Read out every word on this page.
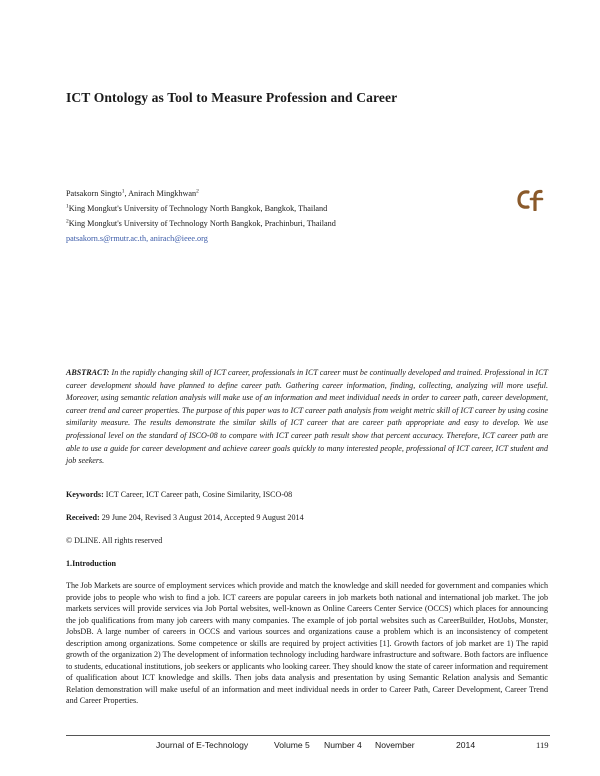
ICT Ontology as Tool to Measure Profession and Career
Patsakorn Singto$^1$, Anirach Mingkhwan$^2$
$^1$King Mongkut's University of Technology North Bangkok, Bangkok, Thailand
$^2$King Mongkut's University of Technology North Bangkok, Prachinburi, Thailand
patsakorn.s@rmutr.ac.th, anirach@ieee.org
ABSTRACT: In the rapidly changing skill of ICT career, professionals in ICT career must be continually developed and trained. Professional in ICT career development should have planned to define career path. Gathering career information, finding, collecting, analyzing will more useful. Moreover, using semantic relation analysis will make use of an information and meet individual needs in order to career path, career development, career trend and career properties. The purpose of this paper was to ICT career path analysis from weight metric skill of ICT career by using cosine similarity measure. The results demonstrate the similar skills of ICT career that are career path appropriate and easy to develop. We use professional level on the standard of ISCO-08 to compare with ICT career path result show that percent accuracy. Therefore, ICT career path are able to use a guide for career development and achieve career goals quickly to many interested people, professional of ICT career, ICT student and job seekers.
Keywords: ICT Career, ICT Career path, Cosine Similarity, ISCO-08
Received: 29 June 204, Revised 3 August 2014, Accepted 9 August 2014
© DLINE. All rights reserved
1.Introduction
The Job Markets are source of employment services which provide and match the knowledge and skill needed for government and companies which provide jobs to people who wish to find a job. ICT careers are popular careers in job markets both national and international job market. The job markets services will provide services via Job Portal websites, well-known as Online Careers Center Service (OCCS) which places for announcing the job qualifications from many job careers with many companies. The example of job portal websites such as CareerBuilder, HotJobs, Monster, JobsDB. A large number of careers in OCCS and various sources and organizations cause a problem which is an inconsistency of competent description among organizations. Some competence or skills are required by project activities [1]. Growth factors of job market are 1) The rapid growth of the organization 2) The development of information technology including hardware infrastructure and software. Both factors are influence to students, educational institutions, job seekers or applicants who looking career. They should know the state of career information and requirement of qualification about ICT knowledge and skills. Then jobs data analysis and presentation by using Semantic Relation analysis and Semantic Relation demonstration will make useful of an information and meet individual needs in order to Career Path, Career Development, Career Trend and Career Properties.
Journal of E-Technology	Volume 5 Number 4 November	2014	119
